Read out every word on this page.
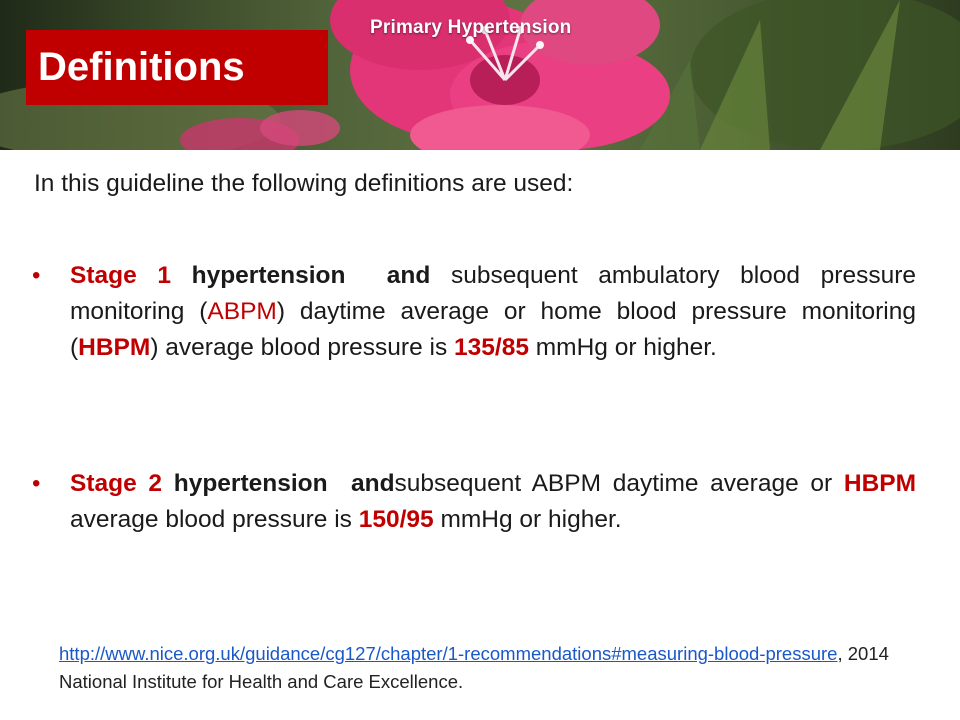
Primary Hypertension
Definitions
In this guideline the following definitions are used:
• Stage 1 hypertension and subsequent ambulatory blood pressure monitoring (ABPM) daytime average or home blood pressure monitoring (HBPM) average blood pressure is 135/85 mmHg or higher.
• Stage 2 hypertension andsubsequent ABPM daytime average or HBPM average blood pressure is 150/95 mmHg or higher.
http://www.nice.org.uk/guidance/cg127/chapter/1-recommendations#measuring-blood-pressure, 2014 National Institute for Health and Care Excellence.
